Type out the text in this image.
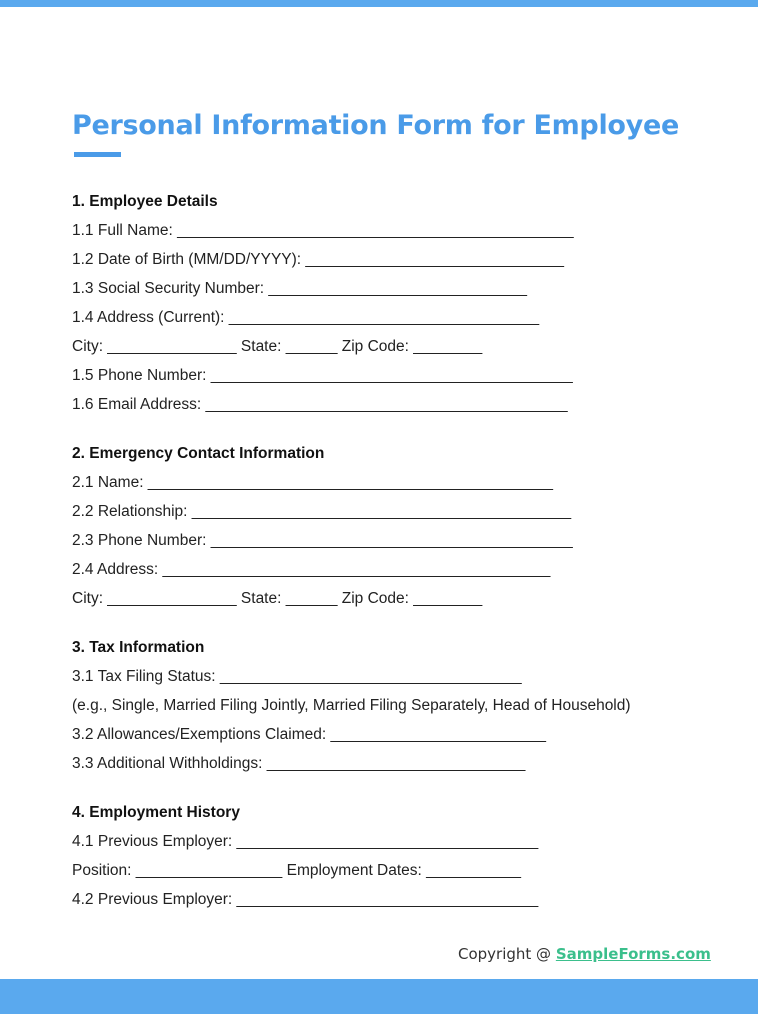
Personal Information Form for Employee
1. Employee Details
1.1 Full Name: ______________________________________________
1.2 Date of Birth (MM/DD/YYYY): ______________________________
1.3 Social Security Number: ______________________________
1.4 Address (Current): ____________________________________
City: _______________ State: ______ Zip Code: ________
1.5 Phone Number: __________________________________________
1.6 Email Address: __________________________________________
2. Emergency Contact Information
2.1 Name: _______________________________________________
2.2 Relationship: ____________________________________________
2.3 Phone Number: __________________________________________
2.4 Address: _____________________________________________
City: _______________ State: ______ Zip Code: ________
3. Tax Information
3.1 Tax Filing Status: ___________________________________
(e.g., Single, Married Filing Jointly, Married Filing Separately, Head of Household)
3.2 Allowances/Exemptions Claimed: _________________________
3.3 Additional Withholdings: ______________________________
4. Employment History
4.1 Previous Employer: ___________________________________
Position: _________________ Employment Dates: ___________
4.2 Previous Employer: ___________________________________
Copyright @ SampleForms.com
